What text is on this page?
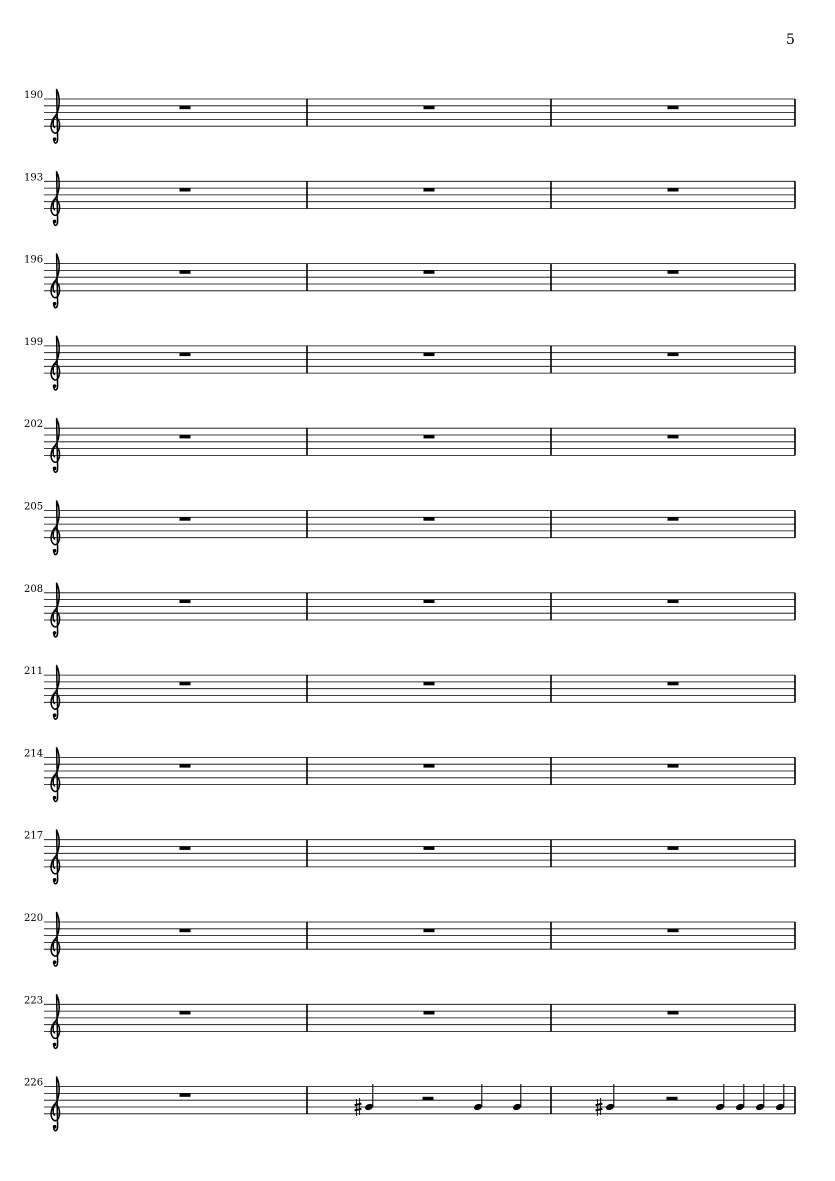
5
190
193
196
199
202
205
208
211
214
217
220
223
226
